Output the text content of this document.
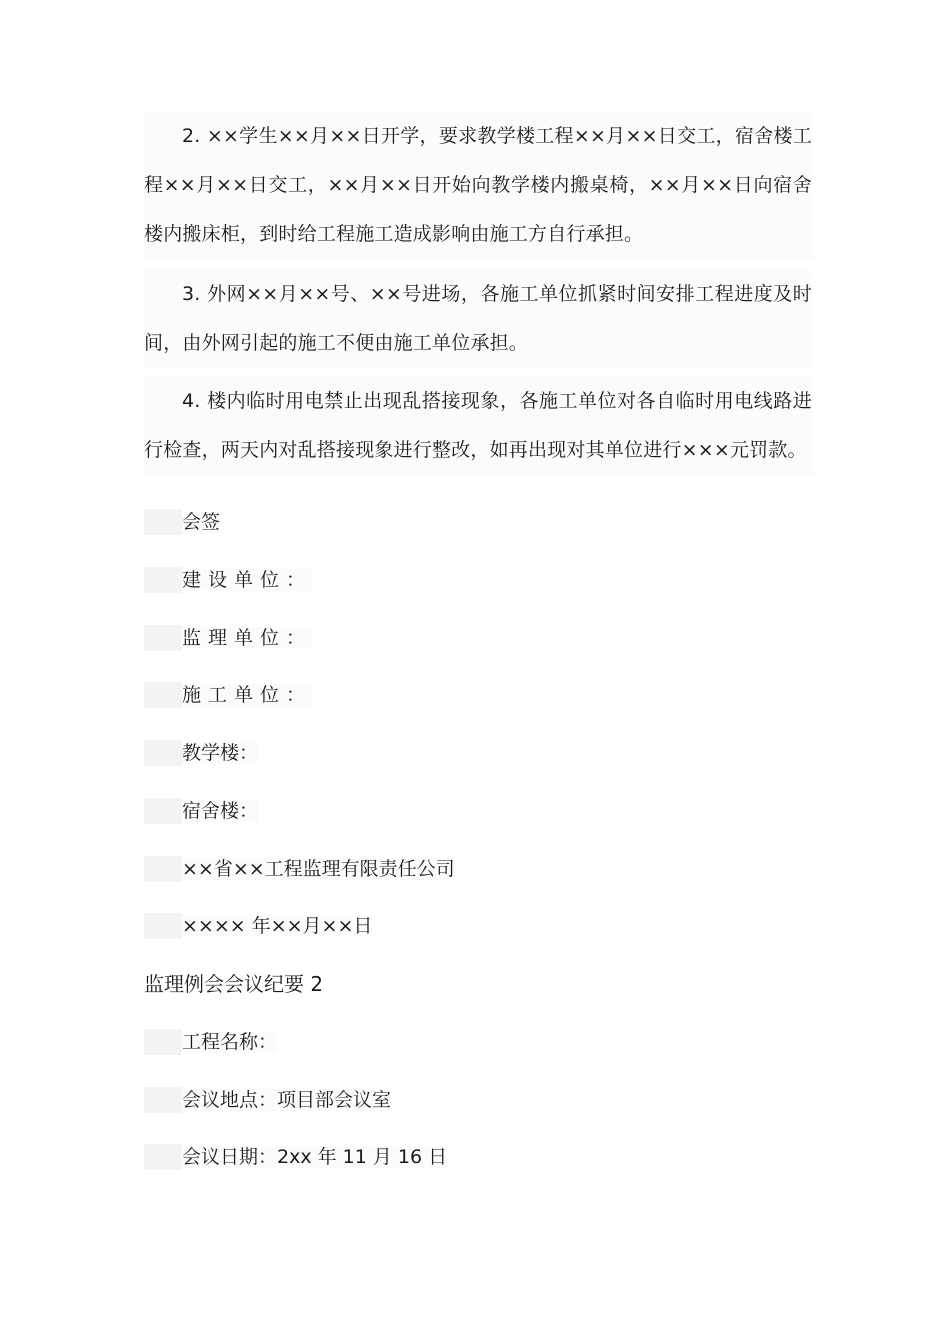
2. ××学生××月××日开学，要求教学楼工程××月××日交工，宿舍楼工程××月××日交工，××月××日开始向教学楼内搬桌椅，××月××日向宿舍楼内搬床柜，到时给工程施工造成影响由施工方自行承担。

3. 外网××月××号、××号进场，各施工单位抓紧时间安排工程进度及时间，由外网引起的施工不便由施工单位承担。

4. 楼内临时用电禁止出现乱搭接现象，各施工单位对各自临时用电线路进行检查，两天内对乱搭接现象进行整改，如再出现对其单位进行×××元罚款。

会签
建设单位：
监理单位：
施工单位：
教学楼：
宿舍楼：
××省××工程监理有限责任公司
×××× 年××月××日
监理例会会议纪要 2
工程名称：
会议地点：项目部会议室
会议日期：2xx 年 11 月 16 日
